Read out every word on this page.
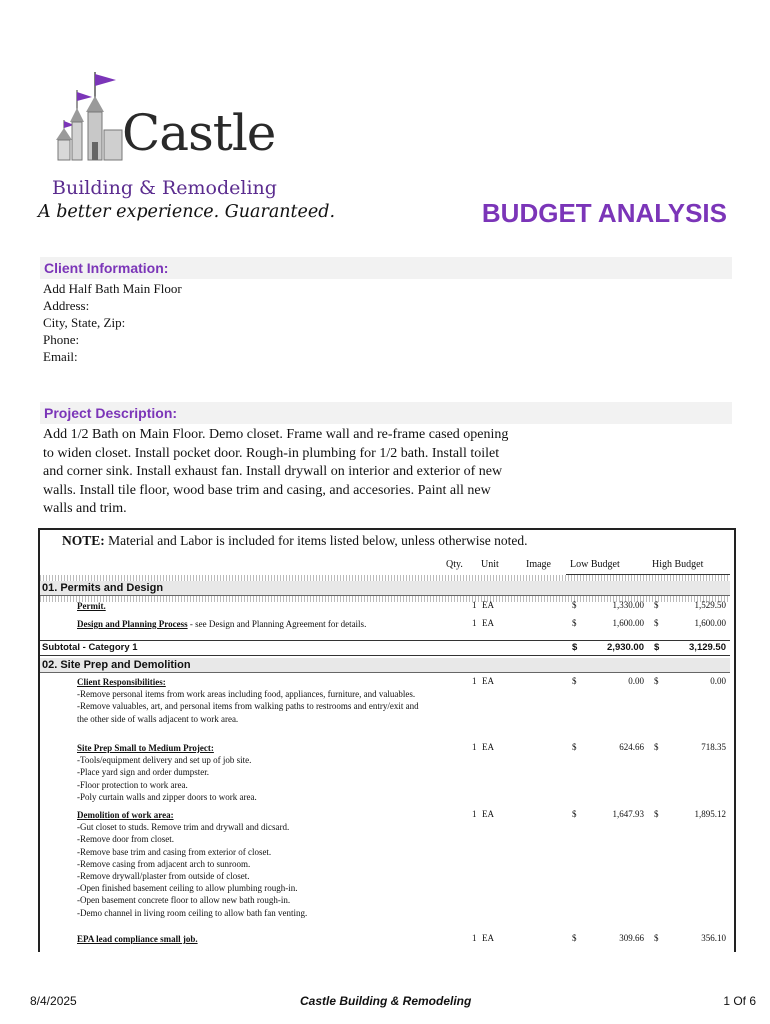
Castle
Building & Remodeling
A better experience. Guaranteed.	BUDGET ANALYSIS
Client Information:
Add Half Bath Main Floor
Address:
City, State, Zip:
Phone:
Email:
Project Description:
Add 1/2 Bath on Main Floor. Demo closet. Frame wall and re-frame cased opening
to widen closet. Install pocket door. Rough-in plumbing for 1/2 bath. Install toilet
and corner sink. Install exhaust fan. Install drywall on interior and exterior of new
walls. Install tile floor, wood base trim and casing, and accesories. Paint all new
walls and trim.
NOTE: Material and Labor is included for items listed below, unless otherwise noted.
Qty. Unit	Image Low Budget	High Budget
01. Permits and Design
Permit.	1 EA	$	1,330.00 $	1,529.50
Design and Planning Process - see Design and Planning Agreement for details.	1 EA	$	1,600.00 $	1,600.00
Subtotal - Category 1	$	2,930.00 $	3,129.50
02. Site Prep and Demolition
Client Responsibilities:
-Remove personal items from work areas including food, appliances, furniture, and valuables.
-Remove valuables, art, and personal items from walking paths to restrooms and entry/exit and
the other side of walls adjacent to work area.
1 EA	$	0.00 $	0.00
Site Prep Small to Medium Project:
-Tools/equipment delivery and set up of job site.
-Place yard sign and order dumpster.
-Floor protection to work area.
-Poly curtain walls and zipper doors to work area.
1 EA	$	624.66 $	718.35
Demolition of work area:
-Gut closet to studs. Remove trim and drywall and dicsard.
-Remove door from closet.
-Remove base trim and casing from exterior of closet.
-Remove casing from adjacent arch to sunroom.
-Remove drywall/plaster from outside of closet.
-Open finished basement ceiling to allow plumbing rough-in.
-Open basement concrete floor to allow new bath rough-in.
-Demo channel in living room ceiling to allow bath fan venting.
1 EA	$	1,647.93 $	1,895.12
EPA lead compliance small job.	1 EA	$	309.66 $	356.10
8/4/2025	Castle Building & Remodeling	1 Of 6
